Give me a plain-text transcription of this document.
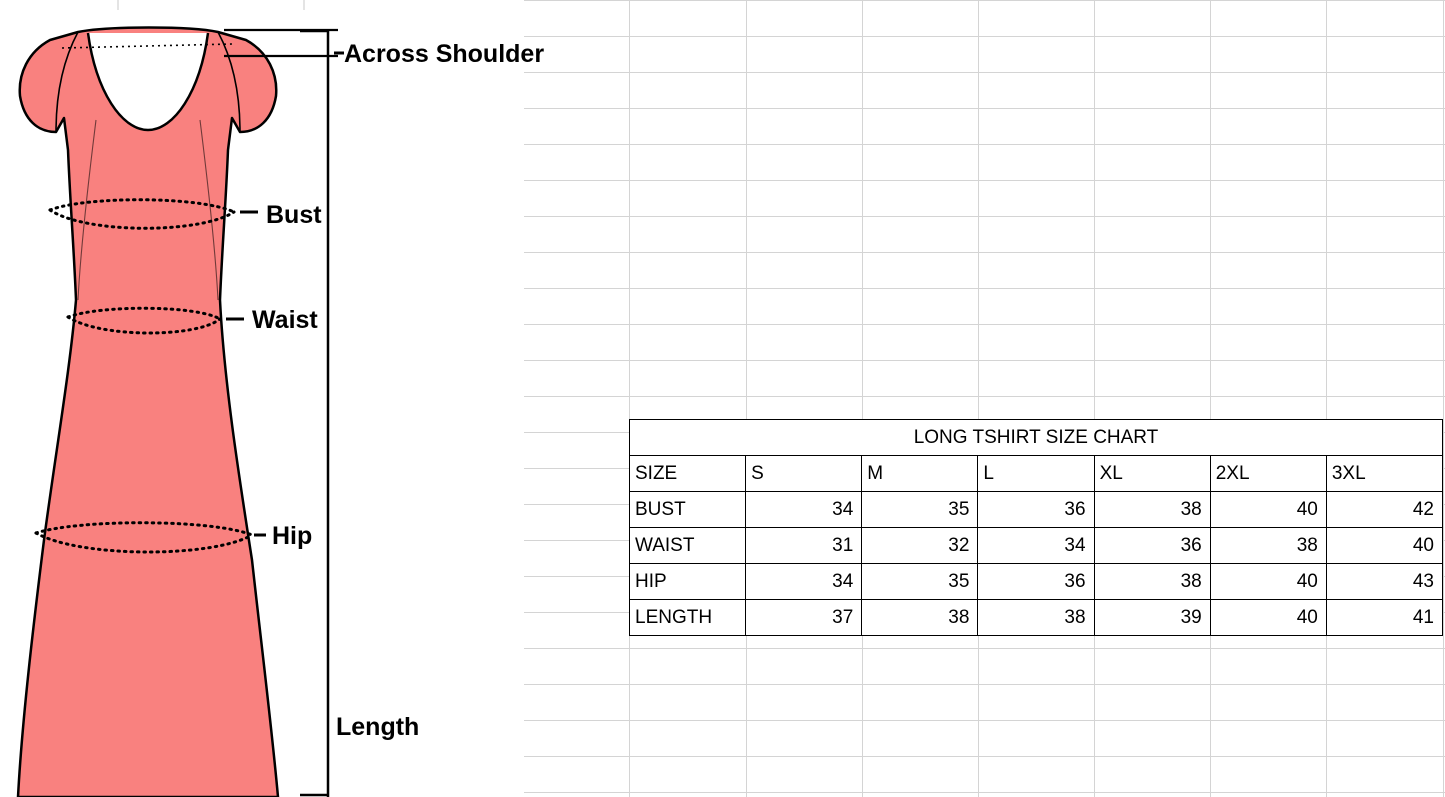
Across Shoulder
Bust
Waist
Hip
Length
LONG TSHIRT SIZE CHART						
SIZE	S	M	L	XL	2XL	3XL
BUST	34	35	36	38	40	42
WAIST	31	32	34	36	38	40
HIP	34	35	36	38	40	43
LENGTH	37	38	38	39	40	41
